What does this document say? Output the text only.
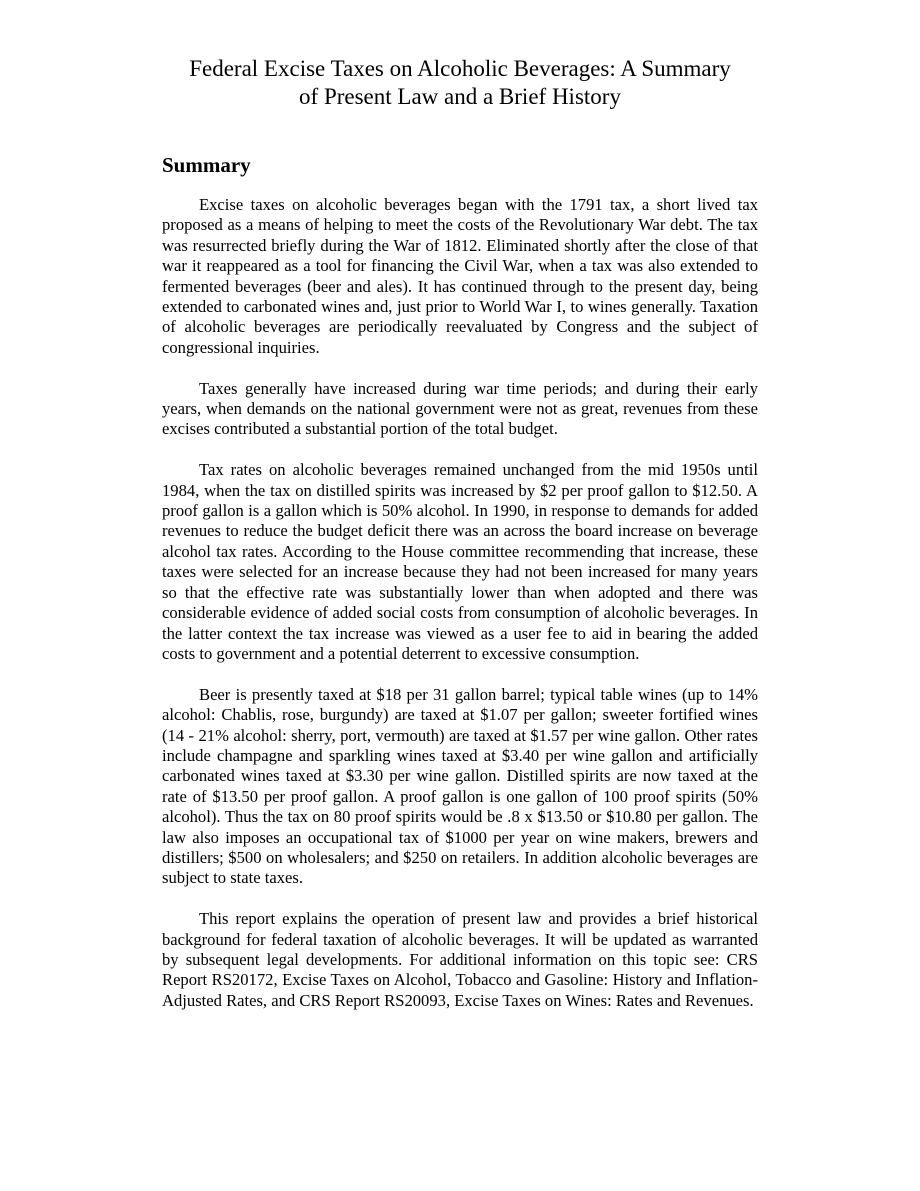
Federal Excise Taxes on Alcoholic Beverages: A Summary
of Present Law and a Brief History
Summary

Excise taxes on alcoholic beverages began with the 1791 tax, a short lived tax proposed as a means of helping to meet the costs of the Revolutionary War debt. The tax was resurrected briefly during the War of 1812. Eliminated shortly after the close of that war it reappeared as a tool for financing the Civil War, when a tax was also extended to fermented beverages (beer and ales). It has continued through to the present day, being extended to carbonated wines and, just prior to World War I, to wines generally. Taxation of alcoholic beverages are periodically reevaluated by Congress and the subject of congressional inquiries.

Taxes generally have increased during war time periods; and during their early years, when demands on the national government were not as great, revenues from these excises contributed a substantial portion of the total budget.

Tax rates on alcoholic beverages remained unchanged from the mid 1950s until 1984, when the tax on distilled spirits was increased by $2 per proof gallon to $12.50. A proof gallon is a gallon which is 50% alcohol. In 1990, in response to demands for added revenues to reduce the budget deficit there was an across the board increase on beverage alcohol tax rates. According to the House committee recommending that increase, these taxes were selected for an increase because they had not been increased for many years so that the effective rate was substantially lower than when adopted and there was considerable evidence of added social costs from consumption of alcoholic beverages. In the latter context the tax increase was viewed as a user fee to aid in bearing the added costs to government and a potential deterrent to excessive consumption.

Beer is presently taxed at $18 per 31 gallon barrel; typical table wines (up to 14% alcohol: Chablis, rose, burgundy) are taxed at $1.07 per gallon; sweeter fortified wines (14 - 21% alcohol: sherry, port, vermouth) are taxed at $1.57 per wine gallon. Other rates include champagne and sparkling wines taxed at $3.40 per wine gallon and artificially carbonated wines taxed at $3.30 per wine gallon. Distilled spirits are now taxed at the rate of $13.50 per proof gallon. A proof gallon is one gallon of 100 proof spirits (50% alcohol). Thus the tax on 80 proof spirits would be .8 x $13.50 or $10.80 per gallon. The law also imposes an occupational tax of $1000 per year on wine makers, brewers and distillers; $500 on wholesalers; and $250 on retailers. In addition alcoholic beverages are subject to state taxes.

This report explains the operation of present law and provides a brief historical background for federal taxation of alcoholic beverages. It will be updated as warranted by subsequent legal developments. For additional information on this topic see: CRS Report RS20172, Excise Taxes on Alcohol, Tobacco and Gasoline: History and Inflation-Adjusted Rates, and CRS Report RS20093, Excise Taxes on Wines: Rates and Revenues.
